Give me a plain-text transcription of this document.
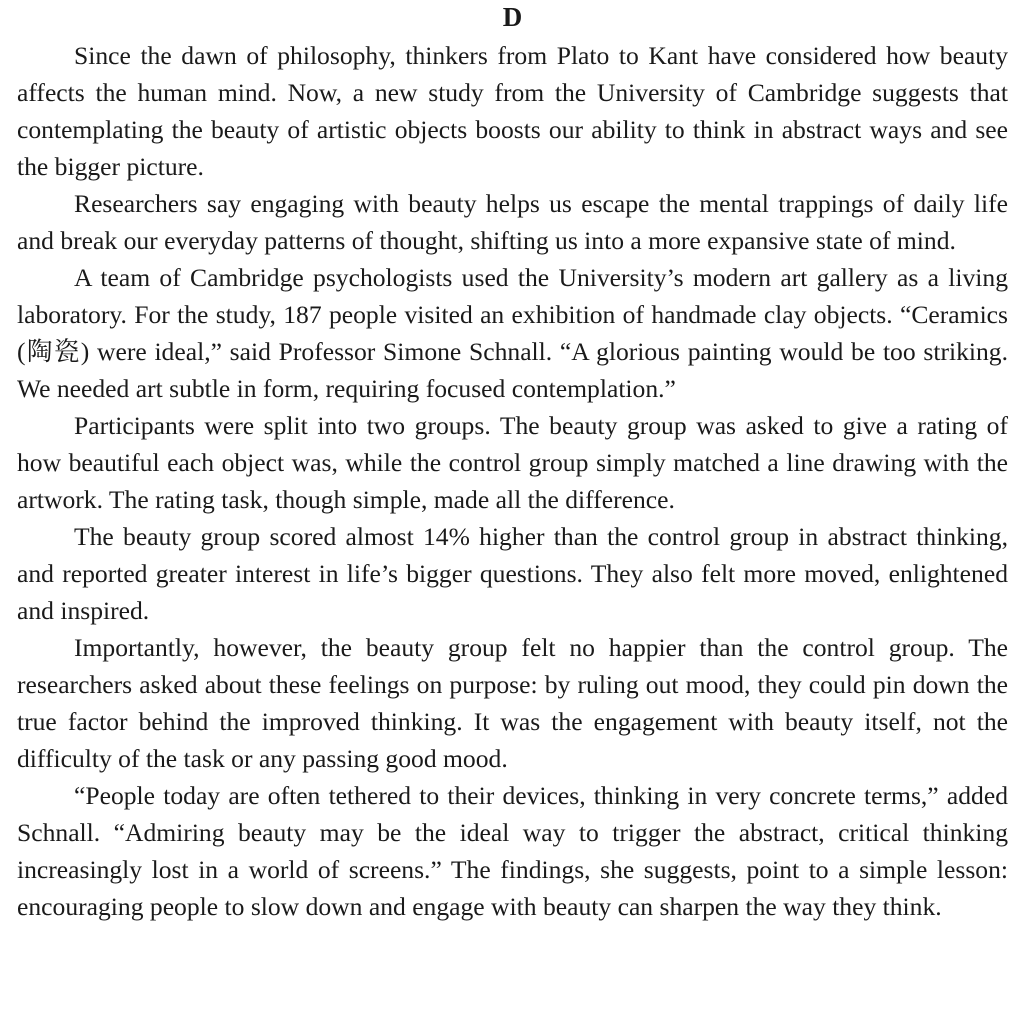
D

Since the dawn of philosophy, thinkers from Plato to Kant have considered how beauty affects the human mind. Now, a new study from the University of Cambridge suggests that contemplating the beauty of artistic objects boosts our ability to think in abstract ways and see the bigger picture.

Researchers say engaging with beauty helps us escape the mental trappings of daily life and break our everyday patterns of thought, shifting us into a more expansive state of mind.

A team of Cambridge psychologists used the University’s modern art gallery as a living laboratory. For the study, 187 people visited an exhibition of handmade clay objects. “Ceramics (陶瓷) were ideal,” said Professor Simone Schnall. “A glorious painting would be too striking. We needed art subtle in form, requiring focused contemplation.”

Participants were split into two groups. The beauty group was asked to give a rating of how beautiful each object was, while the control group simply matched a line drawing with the artwork. The rating task, though simple, made all the difference.

The beauty group scored almost 14% higher than the control group in abstract thinking, and reported greater interest in life’s bigger questions. They also felt more moved, enlightened and inspired.

Importantly, however, the beauty group felt no happier than the control group. The researchers asked about these feelings on purpose: by ruling out mood, they could pin down the true factor behind the improved thinking. It was the engagement with beauty itself, not the difficulty of the task or any passing good mood.

“People today are often tethered to their devices, thinking in very concrete terms,” added Schnall. “Admiring beauty may be the ideal way to trigger the abstract, critical thinking increasingly lost in a world of screens.” The findings, she suggests, point to a simple lesson: encouraging people to slow down and engage with beauty can sharpen the way they think.
